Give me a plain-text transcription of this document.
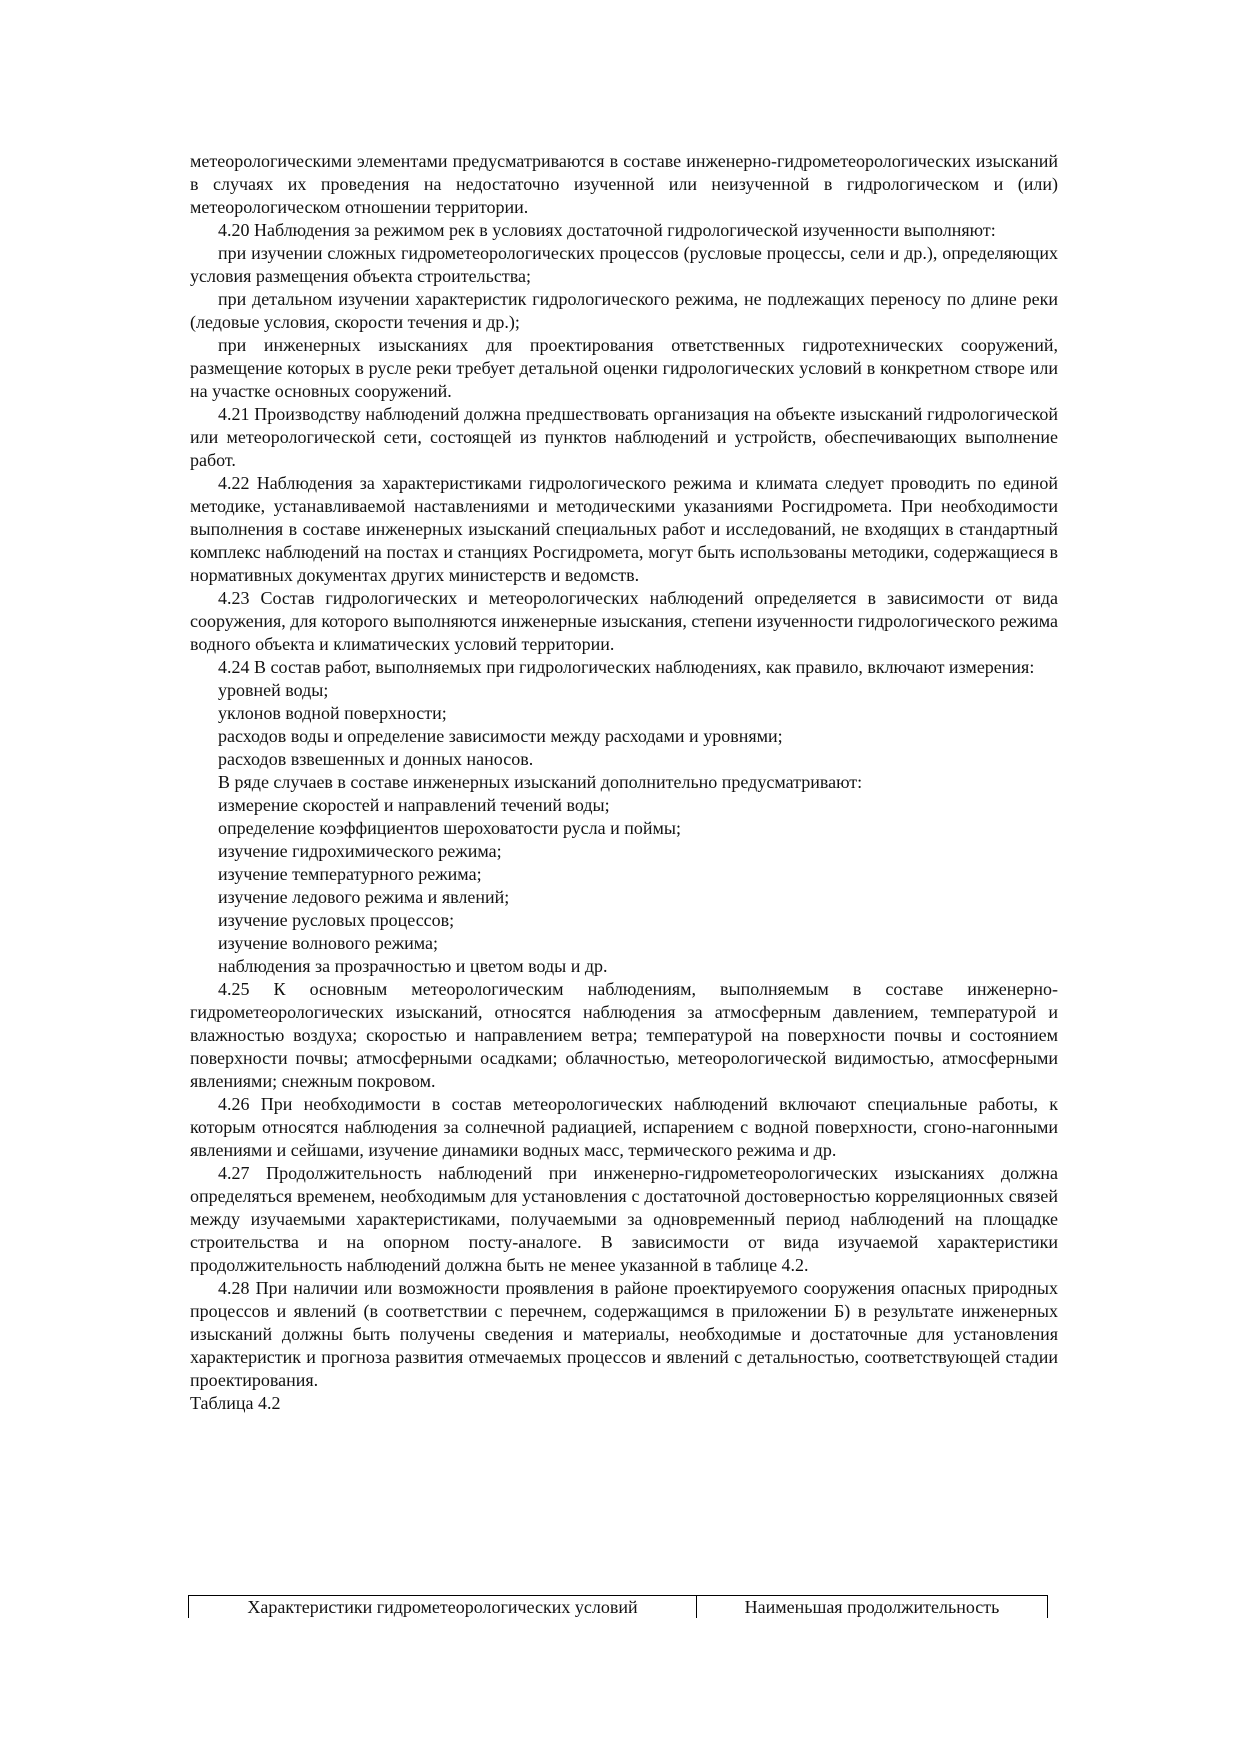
метеорологическими элементами предусматриваются в составе инженерно-гидрометеорологических изысканий в случаях их проведения на недостаточно изученной или неизученной в гидрологическом и (или) метеорологическом отношении территории.

4.20 Наблюдения за режимом рек в условиях достаточной гидрологической изученности выполняют:

при изучении сложных гидрометеорологических процессов (русловые процессы, сели и др.), определяющих условия размещения объекта строительства;

при детальном изучении характеристик гидрологического режима, не подлежащих переносу по длине реки (ледовые условия, скорости течения и др.);

при инженерных изысканиях для проектирования ответственных гидротехнических сооружений, размещение которых в русле реки требует детальной оценки гидрологических условий в конкретном створе или на участке основных сооружений.

4.21 Производству наблюдений должна предшествовать организация на объекте изысканий гидрологической или метеорологической сети, состоящей из пунктов наблюдений и устройств, обеспечивающих выполнение работ.

4.22 Наблюдения за характеристиками гидрологического режима и климата следует проводить по единой методике, устанавливаемой наставлениями и методическими указаниями Росгидромета. При необходимости выполнения в составе инженерных изысканий специальных работ и исследований, не входящих в стандартный комплекс наблюдений на постах и станциях Росгидромета, могут быть использованы методики, содержащиеся в нормативных документах других министерств и ведомств.

4.23 Состав гидрологических и метеорологических наблюдений определяется в зависимости от вида сооружения, для которого выполняются инженерные изыскания, степени изученности гидрологического режима водного объекта и климатических условий территории.

4.24 В состав работ, выполняемых при гидрологических наблюдениях, как правило, включают измерения:

уровней воды;

уклонов водной поверхности;

расходов воды и определение зависимости между расходами и уровнями;

расходов взвешенных и донных наносов.

В ряде случаев в составе инженерных изысканий дополнительно предусматривают:

измерение скоростей и направлений течений воды;

определение коэффициентов шероховатости русла и поймы;

изучение гидрохимического режима;

изучение температурного режима;

изучение ледового режима и явлений;

изучение русловых процессов;

изучение волнового режима;

наблюдения за прозрачностью и цветом воды и др.

4.25 К основным метеорологическим наблюдениям, выполняемым в составе инженерно-гидрометеорологических изысканий, относятся наблюдения за атмосферным давлением, температурой и влажностью воздуха; скоростью и направлением ветра; температурой на поверхности почвы и состоянием поверхности почвы; атмосферными осадками; облачностью, метеорологической видимостью, атмосферными явлениями; снежным покровом.

4.26 При необходимости в состав метеорологических наблюдений включают специальные работы, к которым относятся наблюдения за солнечной радиацией, испарением с водной поверхности, сгоно-нагонными явлениями и сейшами, изучение динамики водных масс, термического режима и др.

4.27 Продолжительность наблюдений при инженерно-гидрометеорологических изысканиях должна определяться временем, необходимым для установления с достаточной достоверностью корреляционных связей между изучаемыми характеристиками, получаемыми за одновременный период наблюдений на площадке строительства и на опорном посту-аналоге. В зависимости от вида изучаемой характеристики продолжительность наблюдений должна быть не менее указанной в таблице 4.2.

4.28 При наличии или возможности проявления в районе проектируемого сооружения опасных природных процессов и явлений (в соответствии с перечнем, содержащимся в приложении Б) в результате инженерных изысканий должны быть получены сведения и материалы, необходимые и достаточные для установления характеристик и прогноза развития отмечаемых процессов и явлений с детальностью, соответствующей стадии проектирования.

Таблица 4.2

Характеристики гидрометеорологических условий	Наименьшая продолжительность
